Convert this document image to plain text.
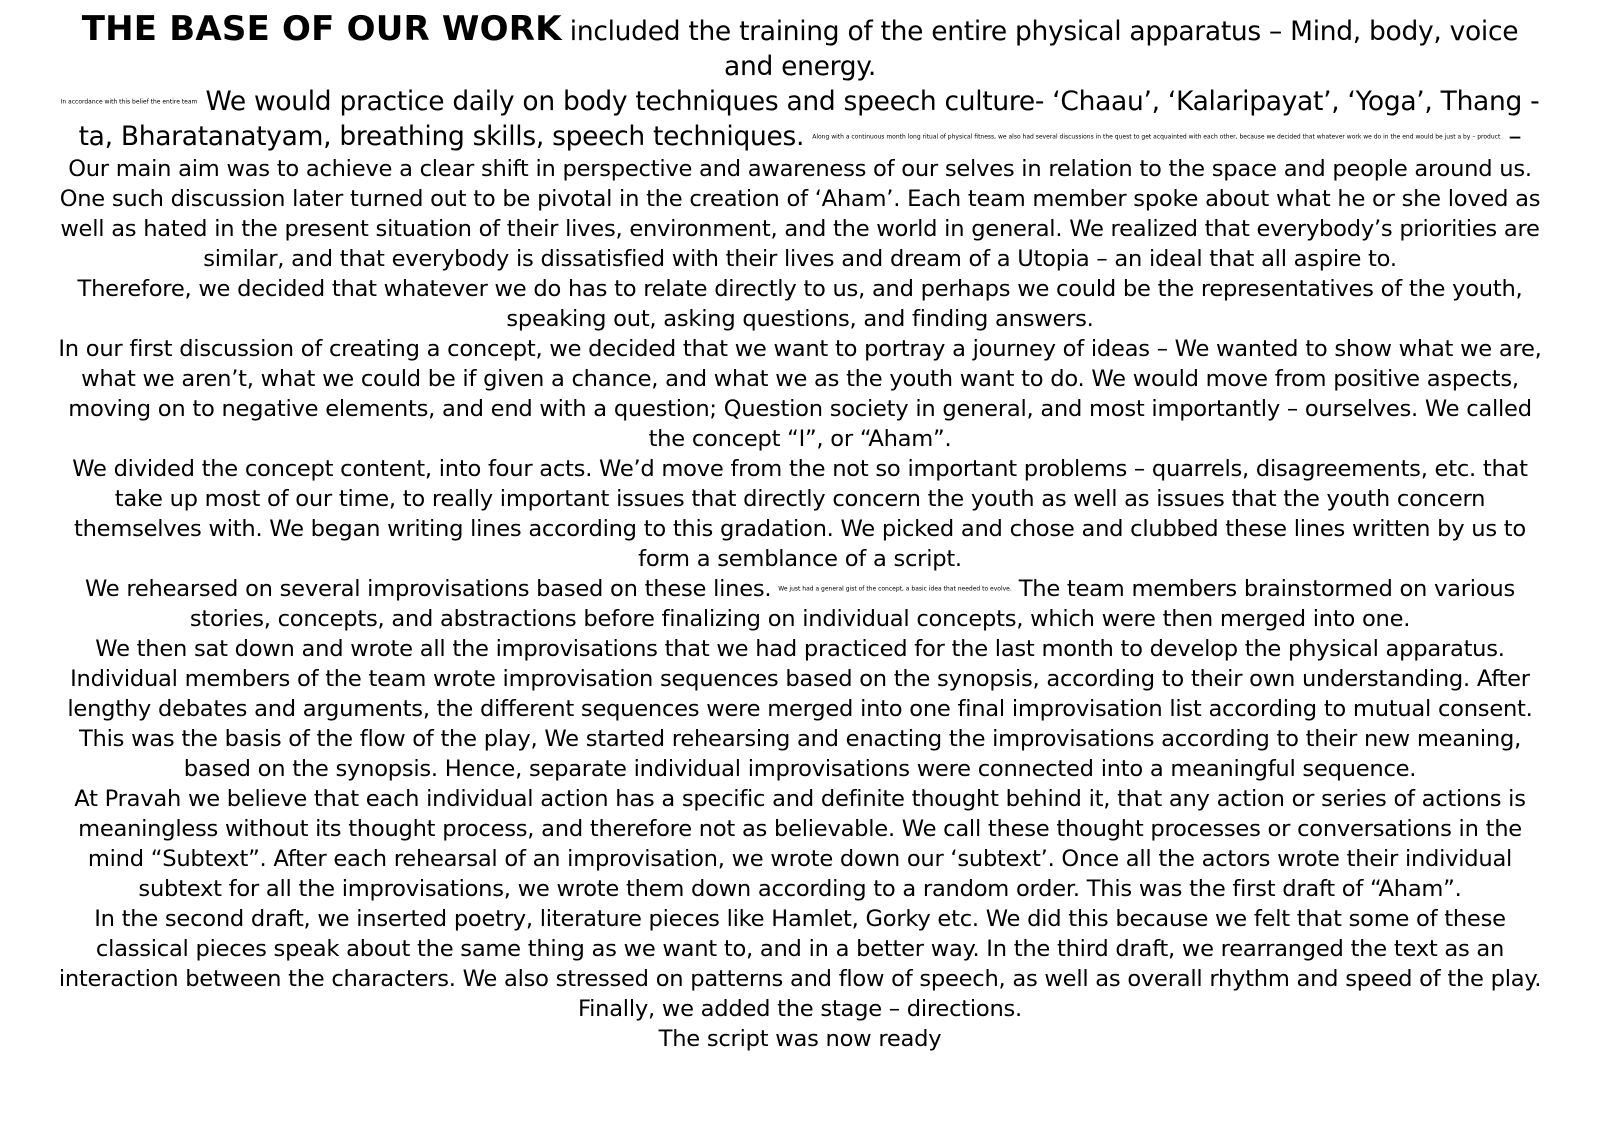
THE BASE OF OUR WORK included the training of the entire physical apparatus – Mind, body, voice and energy.
In accordance with this belief the entire team We would practice daily on body techniques and speech culture- ‘Chaau’, ‘Kalaripayat’, ‘Yoga’, Thang - ta, Bharatanatyam, breathing skills, speech techniques. Along with a continuous month long ritual of physical fitness, we also had several discussions in the quest to get acquainted with each other, because we decided that whatever work we do in the end would be just a by – product –

Our main aim was to achieve a clear shift in perspective and awareness of our selves in relation to the space and people around us. One such discussion later turned out to be pivotal in the creation of ‘Aham’. Each team member spoke about what he or she loved as well as hated in the present situation of their lives, environment, and the world in general. We realized that everybody’s priorities are similar, and that everybody is dissatisfied with their lives and dream of a Utopia – an ideal that all aspire to.

Therefore, we decided that whatever we do has to relate directly to us, and perhaps we could be the representatives of the youth, speaking out, asking questions, and finding answers.

In our first discussion of creating a concept, we decided that we want to portray a journey of ideas – We wanted to show what we are, what we aren’t, what we could be if given a chance, and what we as the youth want to do. We would move from positive aspects, moving on to negative elements, and end with a question; Question society in general, and most importantly – ourselves. We called the concept “I”, or “Aham”.

We divided the concept content, into four acts. We’d move from the not so important problems – quarrels, disagreements, etc. that take up most of our time, to really important issues that directly concern the youth as well as issues that the youth concern themselves with. We began writing lines according to this gradation. We picked and chose and clubbed these lines written by us to form a semblance of a script.

We rehearsed on several improvisations based on these lines. We just had a general gist of the concept, a basic idea that needed to evolve. The team members brainstormed on various stories, concepts, and abstractions before finalizing on individual concepts, which were then merged into one.

We then sat down and wrote all the improvisations that we had practiced for the last month to develop the physical apparatus. Individual members of the team wrote improvisation sequences based on the synopsis, according to their own understanding. After lengthy debates and arguments, the different sequences were merged into one final improvisation list according to mutual consent. This was the basis of the flow of the play, We started rehearsing and enacting the improvisations according to their new meaning, based on the synopsis. Hence, separate individual improvisations were connected into a meaningful sequence.

At Pravah we believe that each individual action has a specific and definite thought behind it, that any action or series of actions is meaningless without its thought process, and therefore not as believable. We call these thought processes or conversations in the mind “Subtext”. After each rehearsal of an improvisation, we wrote down our ‘subtext’. Once all the actors wrote their individual subtext for all the improvisations, we wrote them down according to a random order. This was the first draft of “Aham”.

In the second draft, we inserted poetry, literature pieces like Hamlet, Gorky etc. We did this because we felt that some of these classical pieces speak about the same thing as we want to, and in a better way. In the third draft, we rearranged the text as an interaction between the characters. We also stressed on patterns and flow of speech, as well as overall rhythm and speed of the play.

Finally, we added the stage – directions.

The script was now ready
